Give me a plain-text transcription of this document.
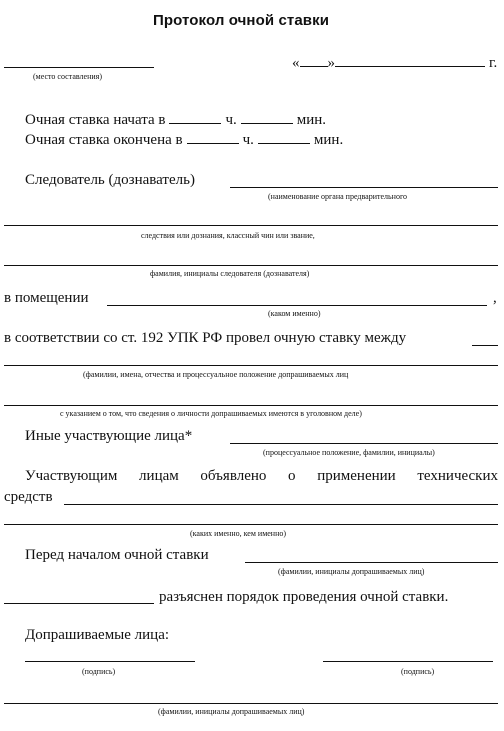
Протокол очной ставки
(место составления)
« »	г.
Очная ставка начата в	ч.	мин.
Очная ставка окончена в	ч.	мин.
Следователь (дознаватель)
(наименование органа предварительного
следствия или дознания, классный чин или звание,
фамилия, инициалы следователя (дознавателя)
в помещении	,
(каком именно)
в соответствии со ст. 192 УПК РФ провел очную ставку между
(фамилии, имена, отчества и процессуальное положение допрашиваемых лиц
с указанием о том, что сведения о личности допрашиваемых имеются в уголовном деле)
Иные участвующие лица*
(процессуальное положение, фамилии, инициалы)
Участвующим лицам объявлено о применении технических
средств
(каких именно, кем именно)
Перед началом очной ставки
(фамилии, инициалы допрашиваемых лиц)
разъяснен порядок проведения очной ставки.
Допрашиваемые лица:
(подпись)	(подпись)
(фамилии, инициалы допрашиваемых лиц)
